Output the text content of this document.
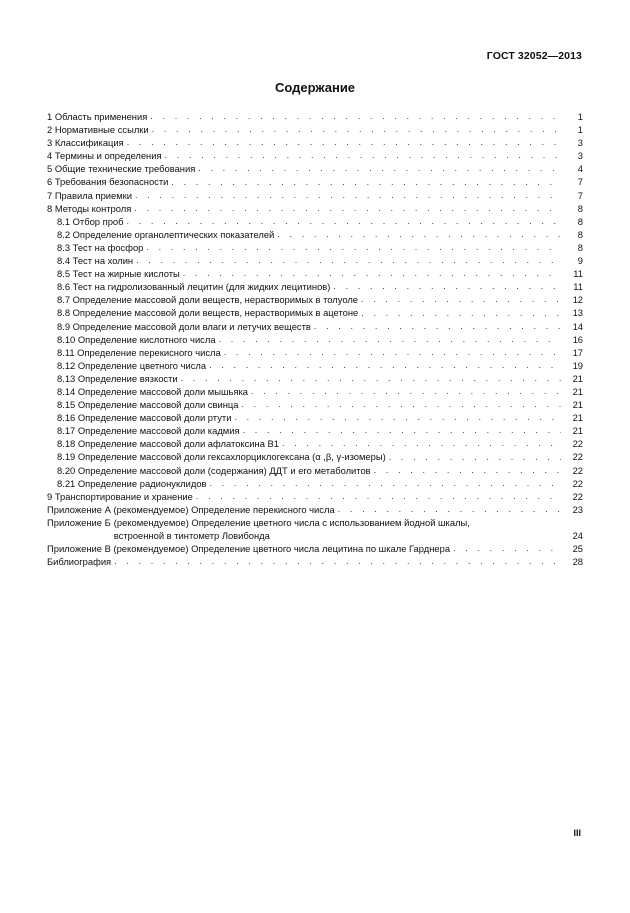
ГОСТ 32052—2013
Содержание
1 Область применения . . .	1
2 Нормативные ссылки . . .	1
3 Классификация . . .	3
4 Термины и определения . . .	3
5 Общие технические требования . . .	4
6 Требования безопасности . . .	7
7 Правила приемки . . .	7
8 Методы контроля . . .	8
8.1 Отбор проб . . .	8
8.2 Определение органолептических показателей . . .	8
8.3 Тест на фосфор . . .	8
8.4 Тест на холин . . .	9
8.5 Тест на жирные кислоты . . .	11
8.6 Тест на гидролизованный лецитин (для жидких лецитинов) . . .	11
8.7 Определение массовой доли веществ, нерастворимых в толуоле . . .	12
8.8 Определение массовой доли веществ, нерастворимых в ацетоне . . .	13
8.9 Определение массовой доли влаги и летучих веществ . . .	14
8.10 Определение кислотного числа . . .	16
8.11 Определение перекисного числа . . .	17
8.12 Определение цветного числа . . .	19
8.13 Определение вязкости . . .	21
8.14 Определение массовой доли мышьяка . . .	21
8.15 Определение массовой доли свинца . . .	21
8.16 Определение массовой доли ртути . . .	21
8.17 Определение массовой доли кадмия . . .	21
8.18 Определение массовой доли афлатоксина В1 . . .	22
8.19 Определение массовой доли гексахлорциклогексана (α ,β, γ-изомеры) . . .	22
8.20 Определение массовой доли (содержания) ДДТ и его метаболитов . . .	22
8.21 Определение радионуклидов . . .	22
9 Транспортирование и хранение . . .	22
Приложение А (рекомендуемое) Определение перекисного числа . . .	23
Приложение Б (рекомендуемое) Определение цветного числа с использованием йодной шкалы,
встроенной в тинтометр Ловибонда	24
Приложение В (рекомендуемое) Определение цветного числа лецитина по шкале Гарднера . . .	25
Библиография . . .	28
III
